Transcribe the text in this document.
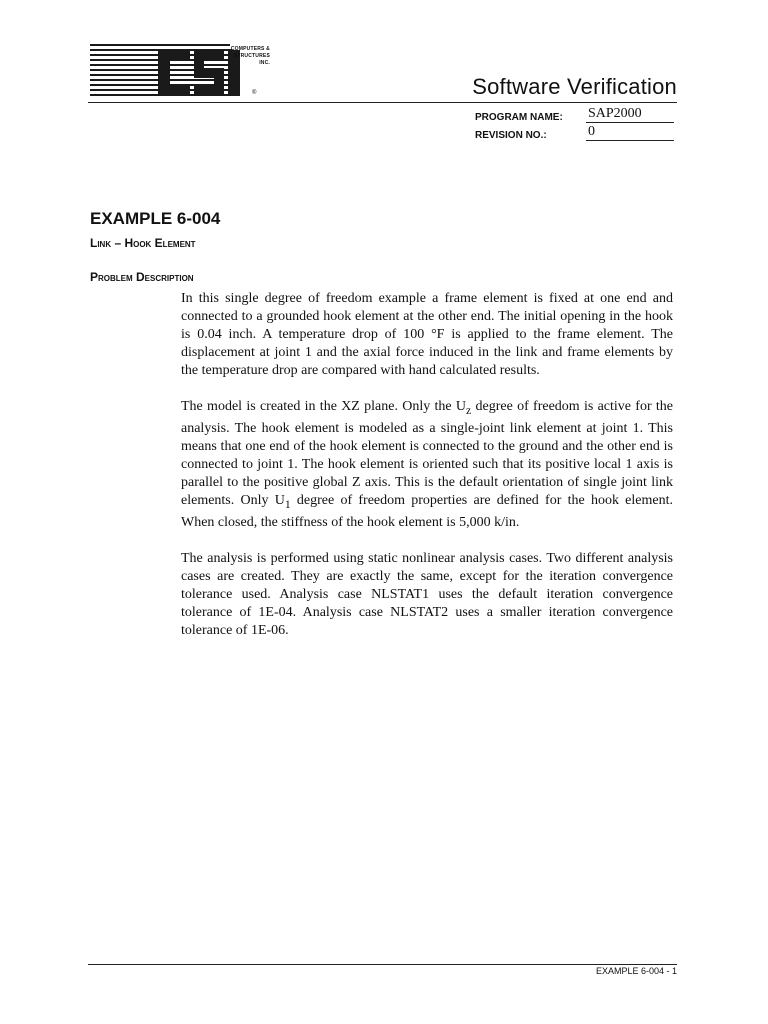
COMPUTERS &
STRUCTURES
INC.
®	Software Verification
PROGRAM NAME: SAP2000
REVISION NO.:	0
EXAMPLE 6-004
Link – Hook Element
Problem Description

In this single degree of freedom example a frame element is fixed at one end and connected to a grounded hook element at the other end. The initial opening in the hook is 0.04 inch. A temperature drop of 100 °F is applied to the frame element. The displacement at joint 1 and the axial force induced in the link and frame elements by the temperature drop are compared with hand calculated results.

The model is created in the XZ plane. Only the $U_z$ degree of freedom is active for the analysis. The hook element is modeled as a single-joint link element at joint 1. This means that one end of the hook element is connected to the ground and the other end is connected to joint 1. The hook element is oriented such that its positive local 1 axis is parallel to the positive global Z axis. This is the default orientation of single joint link elements. Only $U_1$ degree of freedom properties are defined for the hook element. When closed, the stiffness of the hook element is 5,000 k/in.

The analysis is performed using static nonlinear analysis cases. Two different analysis cases are created. They are exactly the same, except for the iteration convergence tolerance used. Analysis case NLSTAT1 uses the default iteration convergence tolerance of 1E-04. Analysis case NLSTAT2 uses a smaller iteration convergence tolerance of 1E-06.

EXAMPLE 6-004 - 1
